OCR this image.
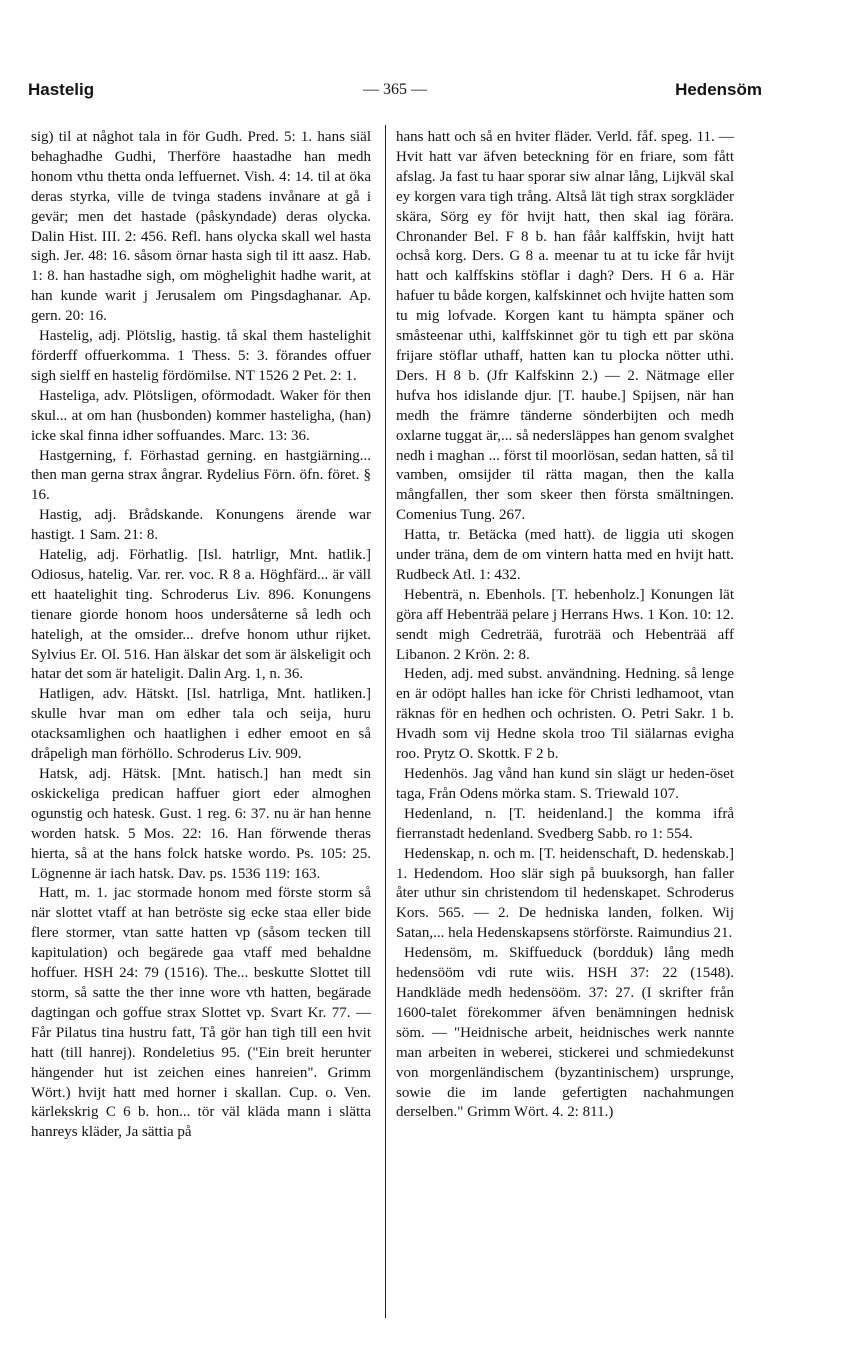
Hastelig	— 365 —	Hedensöm

sig) til at någhot tala in för Gudh. Pred. 5: 1. hans siäl behaghadhe Gudhi, Therföre haastadhe han medh honom vthu thetta onda leffuernet. Vish. 4: 14. til at öka deras styrka, ville de tvinga stadens invånare at gå i gevär; men det hastade (påskyndade) deras olycka. Dalin Hist. III. 2: 456. Refl. hans olycka skall wel hasta sigh. Jer. 48: 16. såsom örnar hasta sigh til itt aasz. Hab. 1: 8. han hastadhe sigh, om möghelighit hadhe warit, at han kunde warit j Jerusalem om Pingsdaghanar. Ap. gern. 20: 16.

Hastelig, adj. Plötslig, hastig. tå skal them hastelighit förderff offuerkomma. 1 Thess. 5: 3. förandes offuer sigh sielff en hastelig fördömilse. NT 1526 2 Pet. 2: 1.

Hasteliga, adv. Plötsligen, oförmodadt. Waker för then skul... at om han (husbonden) kommer hasteligha, (han) icke skal finna idher soffuandes. Marc. 13: 36.

Hastgerning, f. Förhastad gerning. en hastgiärning... then man gerna strax ångrar. Rydelius Förn. öfn. föret. § 16.

Hastig, adj. Brådskande. Konungens ärende war hastigt. 1 Sam. 21: 8.

Hatelig, adj. Förhatlig. [Isl. hatrligr, Mnt. hatlik.] Odiosus, hatelig. Var. rer. voc. R 8 a. Höghfärd... är väll ett haatelighit ting. Schroderus Liv. 896. Konungens tienare giorde honom hoos undersåterne så ledh och hateligh, at the omsider... drefve honom uthur rijket. Sylvius Er. Ol. 516. Han älskar det som är älskeligit och hatar det som är hateligit. Dalin Arg. 1, n. 36.

Hatligen, adv. Hätskt. [Isl. hatrliga, Mnt. hatliken.] skulle hvar man om edher tala och seija, huru otacksamlighen och haatlighen i edher emoot en så dråpeligh man förhöllo. Schroderus Liv. 909.

Hatsk, adj. Hätsk. [Mnt. hatisch.] han medt sin oskickeliga predican haffuer giort eder almoghen ogunstig och hatesk. Gust. 1 reg. 6: 37. nu är han henne worden hatsk. 5 Mos. 22: 16. Han förwende theras hierta, så at the hans folck hatske wordo. Ps. 105: 25. Lögnenne är iach hatsk. Dav. ps. 1536 119: 163.

Hatt, m. 1. jac stormade honom med förste storm så när slottet vtaff at han betröste sig ecke staa eller bide flere stormer, vtan satte hatten vp (såsom tecken till kapitulation) och begärede gaa vtaff med behaldne hoffuer. HSH 24: 79 (1516). The... beskutte Slottet till storm, så satte the ther inne wore vth hatten, begärade dagtingan och goffue strax Slottet vp. Svart Kr. 77. — Får Pilatus tina hustru fatt, Tå gör han tigh till een hvit hatt (till hanrej). Rondeletius 95. ("Ein breit herunter hängender hut ist zeichen eines hanreien". Grimm Wört.) hvijt hatt med horner i skallan. Cup. o. Ven. kärlekskrig C 6 b. hon... tör väl kläda mann i slätta hanreys kläder, Ja sättia på

hans hatt och så en hviter fläder. Verld. fåf. speg. 11. — Hvit hatt var äfven beteckning för en friare, som fått afslag. Ja fast tu haar sporar siw alnar lång, Lijkväl skal ey korgen vara tigh trång. Altså lät tigh strax sorgkläder skära, Sörg ey för hvijt hatt, then skal iag förära. Chronander Bel. F 8 b. han fåår kalffskin, hvijt hatt ochså korg. Ders. G 8 a. meenar tu at tu icke får hvijt hatt och kalffskins stöflar i dagh? Ders. H 6 a. Här hafuer tu både korgen, kalfskinnet och hvijte hatten som tu mig lofvade. Korgen kant tu hämpta späner och småsteenar uthi, kalffskinnet gör tu tigh ett par sköna frijare stöflar uthaff, hatten kan tu plocka nötter uthi. Ders. H 8 b. (Jfr Kalfskinn 2.) — 2. Nätmage eller hufva hos idislande djur. [T. haube.] Spijsen, när han medh the främre tänderne sönderbijten och medh oxlarne tuggat är,... så nedersläppes han genom svalghet nedh i maghan ... först til moorlösan, sedan hatten, så til vamben, omsijder til rätta magan, then the kalla mångfallen, ther som skeer then första smältningen. Comenius Tung. 267.

Hatta, tr. Betäcka (med hatt). de liggia uti skogen under träna, dem de om vintern hatta med en hvijt hatt. Rudbeck Atl. 1: 432.

Hebenträ, n. Ebenhols. [T. hebenholz.] Konungen lät göra aff Hebenträä pelare j Herrans Hws. 1 Kon. 10: 12. sendt migh Cedreträä, furoträä och Hebenträä aff Libanon. 2 Krön. 2: 8.

Heden, adj. med subst. användning. Hedning. så lenge en är odöpt halles han icke för Christi ledhamoot, vtan räknas för en hedhen och ochristen. O. Petri Sakr. 1 b. Hvadh som vij Hedne skola troo Til siälarnas evigha roo. Prytz O. Skottk. F 2 b.

Hedenhös. Jag vånd han kund sin slägt ur heden-öset taga, Från Odens mörka stam. S. Triewald 107.

Hedenland, n. [T. heidenland.] the komma ifrå fierranstadt hedenland. Svedberg Sabb. ro 1: 554.

Hedenskap, n. och m. [T. heidenschaft, D. hedenskab.] 1. Hedendom. Hoo slär sigh på buuksorgh, han faller åter uthur sin christendom til hedenskapet. Schroderus Kors. 565. — 2. De hedniska landen, folken. Wij Satan,... hela Hedenskapsens störförste. Raimundius 21.

Hedensöm, m. Skiffueduck (bordduk) lång medh hedensööm vdi rute wiis. HSH 37: 22 (1548). Handkläde medh hedensööm. 37: 27. (I skrifter från 1600-talet förekommer äfven benämningen hednisk söm. — "Heidnische arbeit, heidnisches werk nannte man arbeiten in weberei, stickerei und schmiedekunst von morgenländischem (byzantinischem) ursprunge, sowie die im lande gefertigten nachahmungen derselben." Grimm Wört. 4. 2: 811.)
